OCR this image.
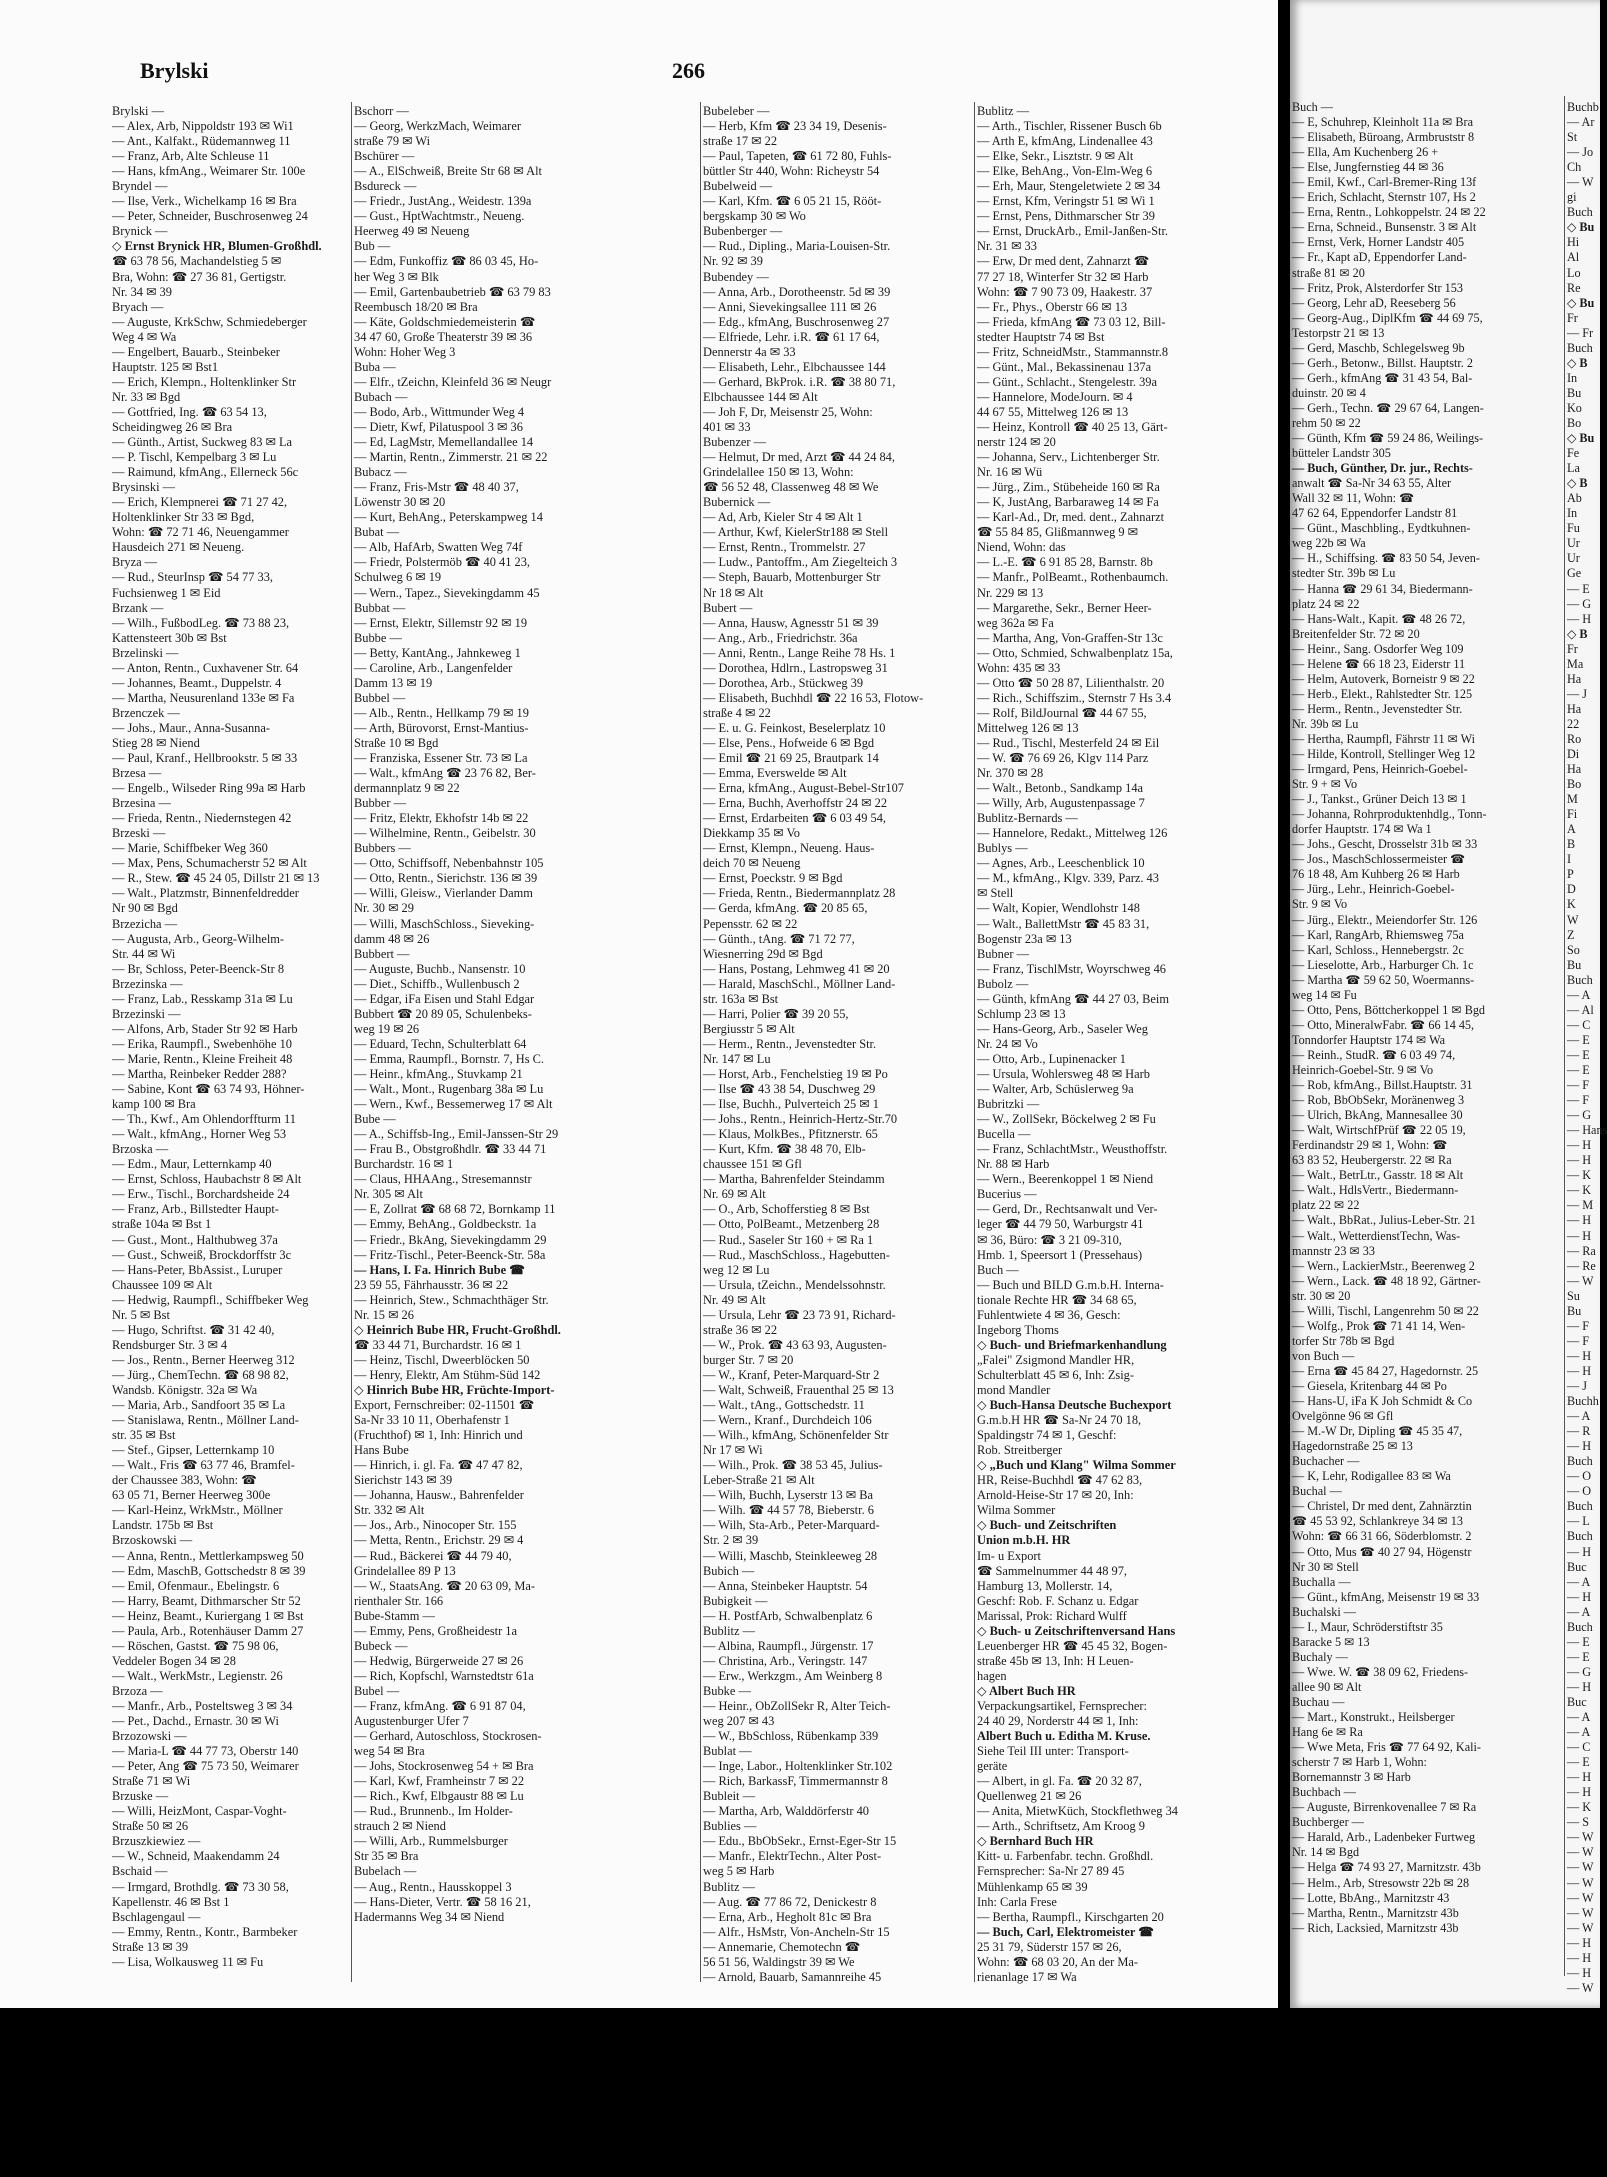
Brylski	266
Brylski —
— Alex, Arb, Nippoldstr 193 ✉ Wi1
— Ant., Kalfakt., Rüdemannweg 11
— Franz, Arb, Alte Schleuse 11
— Hans, kfmAng., Weimarer Str. 100e
Bryndel —
— Ilse, Verk., Wichelkamp 16 ✉ Bra
— Peter, Schneider, Buschrosenweg 24
Brynick —
◇ Ernst Brynick HR, Blumen-Großhdl.
☎ 63 78 56, Machandelstieg 5 ✉
Bra, Wohn: ☎ 27 36 81, Gertigstr.
Nr. 34 ✉ 39
Bryach —
— Auguste, KrkSchw, Schmiedeberger
Weg 4 ✉ Wa
— Engelbert, Bauarb., Steinbeker
Hauptstr. 125 ✉ Bst1
— Erich, Klempn., Holtenklinker Str
Nr. 33 ✉ Bgd
— Gottfried, Ing. ☎ 63 54 13,
Scheidingweg 26 ✉ Bra
— Günth., Artist, Suckweg 83 ✉ La
— P. Tischl, Kempelbarg 3 ✉ Lu
— Raimund, kfmAng., Ellerneck 56c
Brysinski —
— Erich, Klempnerei ☎ 71 27 42,
Holtenklinker Str 33 ✉ Bgd,
Wohn: ☎ 72 71 46, Neuengammer
Hausdeich 271 ✉ Neueng.
Bryza —
— Rud., SteurInsp ☎ 54 77 33,
Fuchsienweg 1 ✉ Eid
Brzank —
— Wilh., FußbodLeg. ☎ 73 88 23,
Kattensteert 30b ✉ Bst
Brzelinski —
— Anton, Rentn., Cuxhavener Str. 64
— Johannes, Beamt., Duppelstr. 4
— Martha, Neusurenland 133e ✉ Fa
Brzenczek —
— Johs., Maur., Anna-Susanna-
Stieg 28 ✉ Niend
— Paul, Kranf., Hellbrookstr. 5 ✉ 33
Brzesa —
— Engelb., Wilseder Ring 99a ✉ Harb
Brzesina —
— Frieda, Rentn., Niedernstegen 42
Brzeski —
— Marie, Schiffbeker Weg 360
— Max, Pens, Schumacherstr 52 ✉ Alt
— R., Stew. ☎ 45 24 05, Dillstr 21 ✉ 13
— Walt., Platzmstr, Binnenfeldredder
Nr 90 ✉ Bgd
Brzezicha —
— Augusta, Arb., Georg-Wilhelm-
Str. 44 ✉ Wi
— Br, Schloss, Peter-Beenck-Str 8
Brzezinska —
— Franz, Lab., Resskamp 31a ✉ Lu
Brzezinski —
— Alfons, Arb, Stader Str 92 ✉ Harb
— Erika, Raumpfl., Swebenhöhe 10
— Marie, Rentn., Kleine Freiheit 48
— Martha, Reinbeker Redder 288?
— Sabine, Kont ☎ 63 74 93, Höhner-
kamp 100 ✉ Bra
— Th., Kwf., Am Ohlendorffturm 11
— Walt., kfmAng., Horner Weg 53
Brzoska —
— Edm., Maur, Letternkamp 40
— Ernst, Schloss, Haubachstr 8 ✉ Alt
— Erw., Tischl., Borchardsheide 24
— Franz, Arb., Billstedter Haupt-
straße 104a ✉ Bst 1
— Gust., Mont., Halthubweg 37a
— Gust., Schweiß, Brockdorffstr 3c
— Hans-Peter, BbAssist., Luruper
Chaussee 109 ✉ Alt
— Hedwig, Raumpfl., Schiffbeker Weg
Nr. 5 ✉ Bst
— Hugo, Schriftst. ☎ 31 42 40,
Rendsburger Str. 3 ✉ 4
— Jos., Rentn., Berner Heerweg 312
— Jürg., ChemTechn. ☎ 68 98 82,
Wandsb. Königstr. 32a ✉ Wa
— Maria, Arb., Sandfoort 35 ✉ La
— Stanislawa, Rentn., Möllner Land-
str. 35 ✉ Bst
— Stef., Gipser, Letternkamp 10
— Walt., Fris ☎ 63 77 46, Bramfel-
der Chaussee 383, Wohn: ☎
63 05 71, Berner Heerweg 300e
— Karl-Heinz, WrkMstr., Möllner
Landstr. 175b ✉ Bst
Brzoskowski —
— Anna, Rentn., Mettlerkampsweg 50
— Edm, MaschB, Gottschedstr 8 ✉ 39
— Emil, Ofenmaur., Ebelingstr. 6
— Harry, Beamt, Dithmarscher Str 52
— Heinz, Beamt., Kuriergang 1 ✉ Bst
— Paula, Arb., Rotenhäuser Damm 27
— Röschen, Gastst. ☎ 75 98 06,
Veddeler Bogen 34 ✉ 28
— Walt., WerkMstr., Legienstr. 26
Brzoza —
— Manfr., Arb., Posteltsweg 3 ✉ 34
— Pet., Dachd., Ernastr. 30 ✉ Wi
Brzozowski —
— Maria-L ☎ 44 77 73, Oberstr 140
— Peter, Ang ☎ 75 73 50, Weimarer
Straße 71 ✉ Wi
Brzuske —
— Willi, HeizMont, Caspar-Voght-
Straße 50 ✉ 26
Brzuszkiewiez —
— W., Schneid, Maakendamm 24
Bschaid —
— Irmgard, Brothdlg. ☎ 73 30 58,
Kapellenstr. 46 ✉ Bst 1
Bschlagengaul —
— Emmy, Rentn., Kontr., Barmbeker
Straße 13 ✉ 39
— Lisa, Wolkausweg 11 ✉ Fu
Bschorr —
— Georg, WerkzMach, Weimarer
straße 79 ✉ Wi
Bschürer —
— A., ElSchweiß, Breite Str 68 ✉ Alt
Bsdureck —
— Friedr., JustAng., Weidestr. 139a
— Gust., HptWachtmstr., Neueng.
Heerweg 49 ✉ Neueng
Bub —
— Edm, Funkoffiz ☎ 86 03 45, Ho-
her Weg 3 ✉ Blk
— Emil, Gartenbaubetrieb ☎ 63 79 83
Reembusch 18/20 ✉ Bra
— Käte, Goldschmiedemeisterin ☎
34 47 60, Große Theaterstr 39 ✉ 36
Wohn: Hoher Weg 3
Buba —
— Elfr., tZeichn, Kleinfeld 36 ✉ Neugr
Bubach —
— Bodo, Arb., Wittmunder Weg 4
— Dietr, Kwf, Pilatuspool 3 ✉ 36
— Ed, LagMstr, Memellandallee 14
— Martin, Rentn., Zimmerstr. 21 ✉ 22
Bubacz —
— Franz, Fris-Mstr ☎ 48 40 37,
Löwenstr 30 ✉ 20
— Kurt, BehAng., Peterskampweg 14
Bubat —
— Alb, HafArb, Swatten Weg 74f
— Friedr, Polstermöb ☎ 40 41 23,
Schulweg 6 ✉ 19
— Wern., Tapez., Sievekingdamm 45
Bubbat —
— Ernst, Elektr, Sillemstr 92 ✉ 19
Bubbe —
— Betty, KantAng., Jahnkeweg 1
— Caroline, Arb., Langenfelder
Damm 13 ✉ 19
Bubbel —
— Alb., Rentn., Hellkamp 79 ✉ 19
— Arth, Bürovorst, Ernst-Mantius-
Straße 10 ✉ Bgd
— Franziska, Essener Str. 73 ✉ La
— Walt., kfmAng ☎ 23 76 82, Ber-
dermannplatz 9 ✉ 22
Bubber —
— Fritz, Elektr, Ekhofstr 14b ✉ 22
— Wilhelmine, Rentn., Geibelstr. 30
Bubbers —
— Otto, Schiffsoff, Nebenbahnstr 105
— Otto, Rentn., Sierichstr. 136 ✉ 39
— Willi, Gleisw., Vierlander Damm
Nr. 30 ✉ 29
— Willi, MaschSchloss., Sieveking-
damm 48 ✉ 26
Bubbert —
— Auguste, Buchb., Nansenstr. 10
— Diet., Schiffb., Wullenbusch 2
— Edgar, iFa Eisen und Stahl Edgar
Bubbert ☎ 20 89 05, Schulenbeks-
weg 19 ✉ 26
— Eduard, Techn, Schulterblatt 64
— Emma, Raumpfl., Bornstr. 7, Hs C.
— Heinr., kfmAng., Stuvkamp 21
— Walt., Mont., Rugenbarg 38a ✉ Lu
— Wern., Kwf., Bessemerweg 17 ✉ Alt
Bube —
— A., Schiffsb-Ing., Emil-Janssen-Str 29
— Frau B., Obstgroßhdlr. ☎ 33 44 71
Burchardstr. 16 ✉ 1
— Claus, HHAAng., Stresemannstr
Nr. 305 ✉ Alt
— E, Zollrat ☎ 68 68 72, Bornkamp 11
— Emmy, BehAng., Goldbeckstr. 1a
— Friedr., BkAng, Sievekingdamm 29
— Fritz-Tischl., Peter-Beenck-Str. 58a
— Hans, I. Fa. Hinrich Bube ☎
23 59 55, Fährhausstr. 36 ✉ 22
— Heinrich, Stew., Schmachthäger Str.
Nr. 15 ✉ 26
◇ Heinrich Bube HR, Frucht-Großhdl.
☎ 33 44 71, Burchardstr. 16 ✉ 1
— Heinz, Tischl, Dweerblöcken 50
— Henry, Elektr, Am Stühm-Süd 142
◇ Hinrich Bube HR, Früchte-Import-
Export, Fernschreiber: 02-11501 ☎
Sa-Nr 33 10 11, Oberhafenstr 1
(Fruchthof) ✉ 1, Inh: Hinrich und
Hans Bube
— Hinrich, i. gl. Fa. ☎ 47 47 82,
Sierichstr 143 ✉ 39
— Johanna, Hausw., Bahrenfelder
Str. 332 ✉ Alt
— Jos., Arb., Ninocoper Str. 155
— Metta, Rentn., Erichstr. 29 ✉ 4
— Rud., Bäckerei ☎ 44 79 40,
Grindelallee 89 P 13
— W., StaatsAng. ☎ 20 63 09, Ma-
rienthaler Str. 166
Bube-Stamm —
— Emmy, Pens, Großheidestr 1a
Bubeck —
— Hedwig, Bürgerweide 27 ✉ 26
— Rich, Kopfschl, Warnstedtstr 61a
Bubel —
— Franz, kfmAng. ☎ 6 91 87 04,
Augustenburger Ufer 7
— Gerhard, Autoschloss, Stockrosen-
weg 54 ✉ Bra
— Johs, Stockrosenweg 54 + ✉ Bra
— Karl, Kwf, Framheinstr 7 ✉ 22
— Rich., Kwf, Elbgaustr 88 ✉ Lu
— Rud., Brunnenb., Im Holder-
strauch 2 ✉ Niend
— Willi, Arb., Rummelsburger
Str 35 ✉ Bra
Bubelach —
— Aug., Rentn., Hausskoppel 3
— Hans-Dieter, Vertr. ☎ 58 16 21,
Hadermanns Weg 34 ✉ Niend
Bubeleber —
— Herb, Kfm ☎ 23 34 19, Desenis-
straße 17 ✉ 22
— Paul, Tapeten, ☎ 61 72 80, Fuhls-
büttler Str 440, Wohn: Richeystr 54
Bubelweid —
— Karl, Kfm. ☎ 6 05 21 15, Rööt-
bergskamp 30 ✉ Wo
Bubenberger —
— Rud., Dipling., Maria-Louisen-Str.
Nr. 92 ✉ 39
Bubendey —
— Anna, Arb., Dorotheenstr. 5d ✉ 39
— Anni, Sievekingsallee 111 ✉ 26
— Edg., kfmAng, Buschrosenweg 27
— Elfriede, Lehr. i.R. ☎ 61 17 64,
Dennerstr 4a ✉ 33
— Elisabeth, Lehr., Elbchaussee 144
— Gerhard, BkProk. i.R. ☎ 38 80 71,
Elbchaussee 144 ✉ Alt
— Joh F, Dr, Meisenstr 25, Wohn:
401 ✉ 33
Bubenzer —
— Helmut, Dr med, Arzt ☎ 44 24 84,
Grindelallee 150 ✉ 13, Wohn:
☎ 56 52 48, Classenweg 48 ✉ We
Bubernick —
— Ad, Arb, Kieler Str 4 ✉ Alt 1
— Arthur, Kwf, KielerStr188 ✉ Stell
— Ernst, Rentn., Trommelstr. 27
— Ludw., Pantoffm., Am Ziegelteich 3
— Steph, Bauarb, Mottenburger Str
Nr 18 ✉ Alt
Bubert —
— Anna, Hausw, Agnesstr 51 ✉ 39
— Ang., Arb., Friedrichstr. 36a
— Anni, Rentn., Lange Reihe 78 Hs. 1
— Dorothea, Hdlrn., Lastropsweg 31
— Dorothea, Arb., Stückweg 39
— Elisabeth, Buchhdl ☎ 22 16 53, Flotow-
straße 4 ✉ 22
— E. u. G. Feinkost, Beselerplatz 10
— Else, Pens., Hofweide 6 ✉ Bgd
— Emil ☎ 21 69 25, Brautpark 14
— Emma, Everswelde ✉ Alt
— Erna, kfmAng., August-Bebel-Str107
— Erna, Buchh, Averhoffstr 24 ✉ 22
— Ernst, Erdarbeiten ☎ 6 03 49 54,
Diekkamp 35 ✉ Vo
— Ernst, Klempn., Neueng. Haus-
deich 70 ✉ Neueng
— Ernst, Poeckstr. 9 ✉ Bgd
— Frieda, Rentn., Biedermannplatz 28
— Gerda, kfmAng. ☎ 20 85 65,
Pepensstr. 62 ✉ 22
— Günth., tAng. ☎ 71 72 77,
Wiesnerring 29d ✉ Bgd
— Hans, Postang, Lehmweg 41 ✉ 20
— Harald, MaschSchl., Möllner Land-
str. 163a ✉ Bst
— Harri, Polier ☎ 39 20 55,
Bergiusstr 5 ✉ Alt
— Herm., Rentn., Jevenstedter Str.
Nr. 147 ✉ Lu
— Horst, Arb., Fenchelstieg 19 ✉ Po
— Ilse ☎ 43 38 54, Duschweg 29
— Ilse, Buchh., Pulverteich 25 ✉ 1
— Johs., Rentn., Heinrich-Hertz-Str.70
— Klaus, MolkBes., Pfitznerstr. 65
— Kurt, Kfm. ☎ 38 48 70, Elb-
chaussee 151 ✉ Gfl
— Martha, Bahrenfelder Steindamm
Nr. 69 ✉ Alt
— O., Arb, Schofferstieg 8 ✉ Bst
— Otto, PolBeamt., Metzenberg 28
— Rud., Saseler Str 160 + ✉ Ra 1
— Rud., MaschSchloss., Hagebutten-
weg 12 ✉ Lu
— Ursula, tZeichn., Mendelssohnstr.
Nr. 49 ✉ Alt
— Ursula, Lehr ☎ 23 73 91, Richard-
straße 36 ✉ 22
— W., Prok. ☎ 43 63 93, Augusten-
burger Str. 7 ✉ 20
— W., Kranf, Peter-Marquard-Str 2
— Walt, Schweiß, Frauenthal 25 ✉ 13
— Walt., tAng., Gottschedstr. 11
— Wern., Kranf., Durchdeich 106
— Wilh., kfmAng, Schönenfelder Str
Nr 17 ✉ Wi
— Wilh., Prok. ☎ 38 53 45, Julius-
Leber-Straße 21 ✉ Alt
— Wilh, Buchh, Lyserstr 13 ✉ Ba
— Wilh. ☎ 44 57 78, Bieberstr. 6
— Wilh, Sta-Arb., Peter-Marquard-
Str. 2 ✉ 39
— Willi, Maschb, Steinkleeweg 28
Bubich —
— Anna, Steinbeker Hauptstr. 54
Bubigkeit —
— H. PostfArb, Schwalbenplatz 6
Bublitz —
— Albina, Raumpfl., Jürgenstr. 17
— Christina, Arb., Veringstr. 147
— Erw., Werkzgm., Am Weinberg 8
Bubke —
— Heinr., ObZollSekr R, Alter Teich-
weg 207 ✉ 43
— W., BbSchloss, Rübenkamp 339
Bublat —
— Inge, Labor., Holtenklinker Str.102
— Rich, BarkassF, Timmermannstr 8
Bubleit —
— Martha, Arb, Walddörferstr 40
Bublies —
— Edu., BbObSekr., Ernst-Eger-Str 15
— Manfr., ElektrTechn., Alter Post-
weg 5 ✉ Harb
Bublitz —
— Aug. ☎ 77 86 72, Denickestr 8
— Erna, Arb., Hegholt 81c ✉ Bra
— Alfr., HsMstr, Von-Ancheln-Str 15
— Annemarie, Chemotechn ☎
56 51 56, Waldingstr 39 ✉ We
— Arnold, Bauarb, Samannreihe 45
Bublitz —
— Arth., Tischler, Rissener Busch 6b
— Arth E, kfmAng, Lindenallee 43
— Elke, Sekr., Lisztstr. 9 ✉ Alt
— Elke, BehAng., Von-Elm-Weg 6
— Erh, Maur, Stengeletwiete 2 ✉ 34
— Ernst, Kfm, Veringstr 51 ✉ Wi 1
— Ernst, Pens, Dithmarscher Str 39
— Ernst, DruckArb., Emil-Janßen-Str.
Nr. 31 ✉ 33
— Erw, Dr med dent, Zahnarzt ☎
77 27 18, Winterfer Str 32 ✉ Harb
Wohn: ☎ 7 90 73 09, Haakestr. 37
— Fr., Phys., Oberstr 66 ✉ 13
— Frieda, kfmAng ☎ 73 03 12, Bill-
stedter Hauptstr 74 ✉ Bst
— Fritz, SchneidMstr., Stammannstr.8
— Günt., Mal., Bekassinenau 137a
— Günt., Schlacht., Stengelestr. 39a
— Hannelore, ModeJourn. ✉ 4
44 67 55, Mittelweg 126 ✉ 13
— Heinz, Kontroll ☎ 40 25 13, Gärt-
nerstr 124 ✉ 20
— Johanna, Serv., Lichtenberger Str.
Nr. 16 ✉ Wü
— Jürg., Zim., Stübeheide 160 ✉ Ra
— K, JustAng, Barbaraweg 14 ✉ Fa
— Karl-Ad., Dr, med. dent., Zahnarzt
☎ 55 84 85, Glißmannweg 9 ✉
Niend, Wohn: das
— L.-E. ☎ 6 91 85 28, Barnstr. 8b
— Manfr., PolBeamt., Rothenbaumch.
Nr. 229 ✉ 13
— Margarethe, Sekr., Berner Heer-
weg 362a ✉ Fa
— Martha, Ang, Von-Graffen-Str 13c
— Otto, Schmied, Schwalbenplatz 15a,
Wohn: 435 ✉ 33
— Otto ☎ 50 28 87, Lilienthalstr. 20
— Rich., Schiffszim., Sternstr 7 Hs 3.4
— Rolf, BildJournal ☎ 44 67 55,
Mittelweg 126 ✉ 13
— Rud., Tischl, Mesterfeld 24 ✉ Eil
— W. ☎ 76 69 26, Klgv 114 Parz
Nr. 370 ✉ 28
— Walt., Betonb., Sandkamp 14a
— Willy, Arb, Augustenpassage 7
Bublitz-Bernards —
— Hannelore, Redakt., Mittelweg 126
Bublys —
— Agnes, Arb., Leeschenblick 10
— M., kfmAng., Klgv. 339, Parz. 43
✉ Stell
— Walt, Kopier, Wendlohstr 148
— Walt., BallettMstr ☎ 45 83 31,
Bogenstr 23a ✉ 13
Bubner —
— Franz, TischlMstr, Woyrschweg 46
Bubolz —
— Günth, kfmAng ☎ 44 27 03, Beim
Schlump 23 ✉ 13
— Hans-Georg, Arb., Saseler Weg
Nr. 24 ✉ Vo
— Otto, Arb., Lupinenacker 1
— Ursula, Wohlersweg 48 ✉ Harb
— Walter, Arb, Schüslerweg 9a
Bubritzki —
— W., ZollSekr, Böckelweg 2 ✉ Fu
Bucella —
— Franz, SchlachtMstr., Weusthoffstr.
Nr. 88 ✉ Harb
— Wern., Beerenkoppel 1 ✉ Niend
Bucerius —
— Gerd, Dr., Rechtsanwalt und Ver-
leger ☎ 44 79 50, Warburgstr 41
✉ 36, Büro: ☎ 3 21 09-310,
Hmb. 1, Speersort 1 (Pressehaus)
Buch —
— Buch und BILD G.m.b.H. Interna-
tionale Rechte HR ☎ 34 68 65,
Fuhlentwiete 4 ✉ 36, Gesch:
Ingeborg Thoms
◇ Buch- und Briefmarkenhandlung
„Falei" Zsigmond Mandler HR,
Schulterblatt 45 ✉ 6, Inh: Zsig-
mond Mandler
◇ Buch-Hansa Deutsche Buchexport
G.m.b.H HR ☎ Sa-Nr 24 70 18,
Spaldingstr 74 ✉ 1, Geschf:
Rob. Streitberger
◇ „Buch und Klang" Wilma Sommer
HR, Reise-Buchhdl ☎ 47 62 83,
Arnold-Heise-Str 17 ✉ 20, Inh:
Wilma Sommer
◇ Buch- und Zeitschriften
Union m.b.H. HR
Im- u Export
☎ Sammelnummer 44 48 97,
Hamburg 13, Mollerstr. 14,
Geschf: Rob. F. Schanz u. Edgar
Marissal, Prok: Richard Wulff
◇ Buch- u Zeitschriftenversand Hans
Leuenberger HR ☎ 45 45 32, Bogen-
straße 45b ✉ 13, Inh: H Leuen-
hagen
◇ Albert Buch HR
Verpackungsartikel, Fernsprecher:
24 40 29, Norderstr 44 ✉ 1, Inh:
Albert Buch u. Editha M. Kruse.
Siehe Teil III unter: Transport-
geräte
— Albert, in gl. Fa. ☎ 20 32 87,
Quellenweg 21 ✉ 26
— Anita, MietwKüch, Stockflethweg 34
— Arth., Schriftsetz, Am Kroog 9
◇ Bernhard Buch HR
Kitt- u. Farbenfabr. techn. Großhdl.
Fernsprecher: Sa-Nr 27 89 45
Mühlenkamp 65 ✉ 39
Inh: Carla Frese
— Bertha, Raumpfl., Kirschgarten 20
— Buch, Carl, Elektromeister ☎
25 31 79, Süderstr 157 ✉ 26,
Wohn: ☎ 68 03 20, An der Ma-
rienanlage 17 ✉ Wa
Buch —
— E, Schuhrep, Kleinholt 11a ✉ Bra
— Elisabeth, Büroang, Armbruststr 8
— Ella, Am Kuchenberg 26 +
— Else, Jungfernstieg 44 ✉ 36
— Emil, Kwf., Carl-Bremer-Ring 13f
— Erich, Schlacht, Sternstr 107, Hs 2
— Erna, Rentn., Lohkoppelstr. 24 ✉ 22
— Erna, Schneid., Bunsenstr. 3 ✉ Alt
— Ernst, Verk, Horner Landstr 405
— Fr., Kapt aD, Eppendorfer Land-
straße 81 ✉ 20
— Fritz, Prok, Alsterdorfer Str 153
— Georg, Lehr aD, Reeseberg 56
— Georg-Aug., DiplKfm ☎ 44 69 75,
Testorpstr 21 ✉ 13
— Gerd, Maschb, Schlegelsweg 9b
— Gerh., Betonw., Billst. Hauptstr. 2
— Gerh., kfmAng ☎ 31 43 54, Bal-
duinstr. 20 ✉ 4
— Gerh., Techn. ☎ 29 67 64, Langen-
rehm 50 ✉ 22
— Günth, Kfm ☎ 59 24 86, Weilings-
bütteler Landstr 305
— Buch, Günther, Dr. jur., Rechts-
anwalt ☎ Sa-Nr 34 63 55, Alter
Wall 32 ✉ 11, Wohn: ☎
47 62 64, Eppendorfer Landstr 81
— Günt., Maschbling., Eydtkuhnen-
weg 22b ✉ Wa
— H., Schiffsing. ☎ 83 50 54, Jeven-
stedter Str. 39b ✉ Lu
— Hanna ☎ 29 61 34, Biedermann-
platz 24 ✉ 22
— Hans-Walt., Kapit. ☎ 48 26 72,
Breitenfelder Str. 72 ✉ 20
— Heinr., Sang. Osdorfer Weg 109
— Helene ☎ 66 18 23, Eiderstr 11
— Helm, Autoverk, Borneistr 9 ✉ 22
— Herb., Elekt., Rahlstedter Str. 125
— Herm., Rentn., Jevenstedter Str.
Nr. 39b ✉ Lu
— Hertha, Raumpfl, Fährstr 11 ✉ Wi
— Hilde, Kontroll, Stellinger Weg 12
— Irmgard, Pens, Heinrich-Goebel-
Str. 9 + ✉ Vo
— J., Tankst., Grüner Deich 13 ✉ 1
— Johanna, Rohrproduktenhdlg., Tonn-
dorfer Hauptstr. 174 ✉ Wa 1
— Johs., Gescht, Drosselstr 31b ✉ 33
— Jos., MaschSchlossermeister ☎
76 18 48, Am Kuhberg 26 ✉ Harb
— Jürg., Lehr., Heinrich-Goebel-
Str. 9 ✉ Vo
— Jürg., Elektr., Meiendorfer Str. 126
— Karl, RangArb, Rhiemsweg 75a
— Karl, Schloss., Hennebergstr. 2c
— Lieselotte, Arb., Harburger Ch. 1c
— Martha ☎ 59 62 50, Woermanns-
weg 14 ✉ Fu
— Otto, Pens, Böttcherkoppel 1 ✉ Bgd
— Otto, MineralwFabr. ☎ 66 14 45,
Tonndorfer Hauptstr 174 ✉ Wa
— Reinh., StudR. ☎ 6 03 49 74,
Heinrich-Goebel-Str. 9 ✉ Vo
— Rob, kfmAng., Billst.Hauptstr. 31
— Rob, BbObSekr, Moränenweg 3
— Ulrich, BkAng, Mannesallee 30
— Walt, WirtschfPrüf ☎ 22 05 19,
Ferdinandstr 29 ✉ 1, Wohn: ☎
63 83 52, Heubergerstr. 22 ✉ Ra
— Walt., BetrLtr., Gasstr. 18 ✉ Alt
— Walt., HdlsVertr., Biedermann-
platz 22 ✉ 22
— Walt., BbRat., Julius-Leber-Str. 21
— Walt., WetterdienstTechn, Was-
mannstr 23 ✉ 33
— Wern., LackierMstr., Beerenweg 2
— Wern., Lack. ☎ 48 18 92, Gärtner-
str. 30 ✉ 20
— Willi, Tischl, Langenrehm 50 ✉ 22
— Wolfg., Prok ☎ 71 41 14, Wen-
torfer Str 78b ✉ Bgd
von Buch —
— Erna ☎ 45 84 27, Hagedornstr. 25
— Giesela, Kritenbarg 44 ✉ Po
— Hans-U, iFa K Joh Schmidt & Co
Ovelgönne 96 ✉ Gfl
— M.-W Dr, Dipling ☎ 45 35 47,
Hagedornstraße 25 ✉ 13
Buchacher —
— K, Lehr, Rodigallee 83 ✉ Wa
Buchal —
— Christel, Dr med dent, Zahnärztin
☎ 45 53 92, Schlankreye 34 ✉ 13
Wohn: ☎ 66 31 66, Söderblomstr. 2
— Otto, Mus ☎ 40 27 94, Högenstr
Nr 30 ✉ Stell
Buchalla —
— Günt., kfmAng, Meisenstr 19 ✉ 33
Buchalski —
— I., Maur, Schröderstiftstr 35
Baracke 5 ✉ 13
Buchaly —
— Wwe. W. ☎ 38 09 62, Friedens-
allee 90 ✉ Alt
Buchau —
— Mart., Konstrukt., Heilsberger
Hang 6e ✉ Ra
— Wwe Meta, Fris ☎ 77 64 92, Kali-
scherstr 7 ✉ Harb 1, Wohn:
Bornemannstr 3 ✉ Harb
Buchbach —
— Auguste, Birrenkovenallee 7 ✉ Ra
Buchberger —
— Harald, Arb., Ladenbeker Furtweg
Nr. 14 ✉ Bgd
— Helga ☎ 74 93 27, Marnitzstr. 43b
— Helm., Arb, Stresowstr 22b ✉ 28
— Lotte, BbAng., Marnitzstr 43
— Martha, Rentn., Marnitzstr 43b
— Rich, Lacksied, Marnitzstr 43b
Buchb
— Ar
St
— Jo
Ch
— W
gi
Buch
◇ Bu
Hi
Al
Lo
Re
◇ Bu
Fr
— Fr
Buch
◇ B
In
Bu
Ko
Bo
◇ Bu
Fe
La
◇ B
Ab
In
Fu
Ur
Ur
Ge
— E
— G
— H
◇ B
Fr
Ma
Ha
— J
Ha
22
Ro
Di
Ha
Bo
M
Fi
A
B
I
P
D
K
W
Z
So
Bu
Buch
— A
— Al
— C
— E
— E
— E
— F
— F
— G
— Hans
— H
— H
— K
— K
— M
— H
— H
— Ra
— Re
— W
Su
Bu
— F
— F
— H
— H
— J
Buchh
— A
— R
— H
Buch
— O
— O
Buch
— L
Buch
— H
Buc
— A
— H
— A
Buch
— E
— E
— G
— H
Buc
— A
— A
— C
— E
— H
— H
— K
— S
— W
— W
— W
— W
— W
— W
— W
— H
— H
— H
— W
